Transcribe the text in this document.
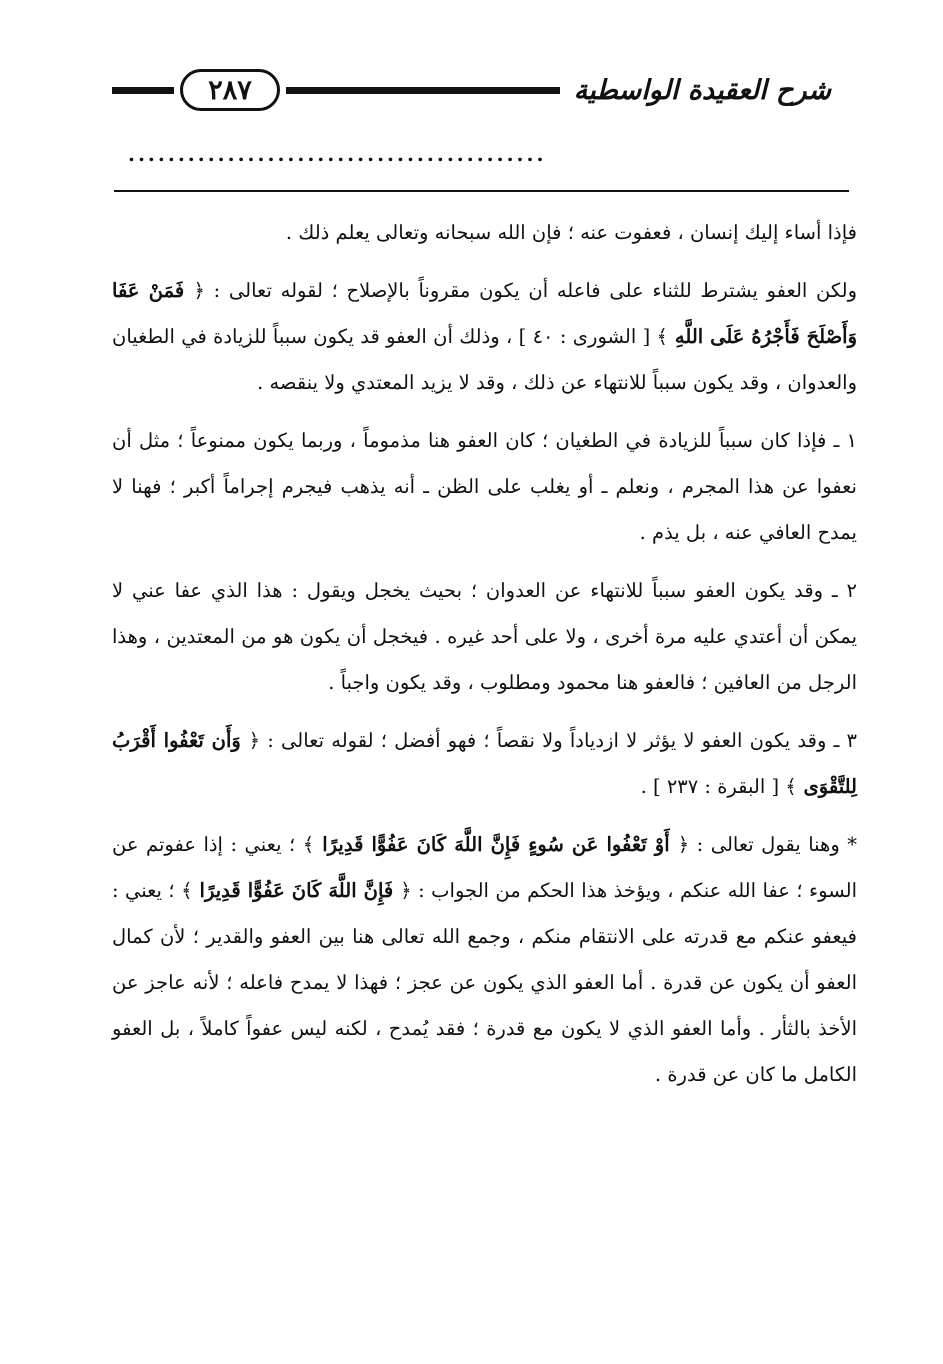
شرح العقيدة الواسطية
٢٨٧
..........................................

فإذا أساء إليك إنسان ، فعفوت عنه ؛ فإن الله سبحانه وتعالى يعلم ذلك .

ولكن العفو يشترط للثناء على فاعله أن يكون مقروناً بالإصلاح ؛ لقوله تعالى : ﴿ فَمَنْ عَفَا وَأَصْلَحَ فَأَجْرُهُ عَلَى اللَّهِ ﴾ [ الشورى : ٤٠ ] ، وذلك أن العفو قد يكون سبباً للزيادة في الطغيان والعدوان ، وقد يكون سبباً للانتهاء عن ذلك ، وقد لا يزيد المعتدي ولا ينقصه .

١ ـ فإذا كان سبباً للزيادة في الطغيان ؛ كان العفو هنا مذموماً ، وربما يكون ممنوعاً ؛ مثل أن نعفوا عن هذا المجرم ، ونعلم ـ أو يغلب على الظن ـ أنه يذهب فيجرم إجراماً أكبر ؛ فهنا لا يمدح العافي عنه ، بل يذم .

٢ ـ وقد يكون العفو سبباً للانتهاء عن العدوان ؛ بحيث يخجل ويقول : هذا الذي عفا عني لا يمكن أن أعتدي عليه مرة أخرى ، ولا على أحد غيره . فيخجل أن يكون هو من المعتدين ، وهذا الرجل من العافين ؛ فالعفو هنا محمود ومطلوب ، وقد يكون واجباً .

٣ ـ وقد يكون العفو لا يؤثر لا ازدياداً ولا نقصاً ؛ فهو أفضل ؛ لقوله تعالى : ﴿ وَأَن تَعْفُوا أَقْرَبُ لِلتَّقْوَى ﴾ [ البقرة : ٢٣٧ ] .

* وهنا يقول تعالى : ﴿ أَوْ تَعْفُوا عَن سُوءٍ فَإِنَّ اللَّهَ كَانَ عَفُوًّا قَدِيرًا ﴾ ؛ يعني : إذا عفوتم عن السوء ؛ عفا الله عنكم ، ويؤخذ هذا الحكم من الجواب : ﴿ فَإِنَّ اللَّهَ كَانَ عَفُوًّا قَدِيرًا ﴾ ؛ يعني : فيعفو عنكم مع قدرته على الانتقام منكم ، وجمع الله تعالى هنا بين العفو والقدير ؛ لأن كمال العفو أن يكون عن قدرة . أما العفو الذي يكون عن عجز ؛ فهذا لا يمدح فاعله ؛ لأنه عاجز عن الأخذ بالثأر . وأما العفو الذي لا يكون مع قدرة ؛ فقد يُمدح ، لكنه ليس عفواً كاملاً ، بل العفو الكامل ما كان عن قدرة .
